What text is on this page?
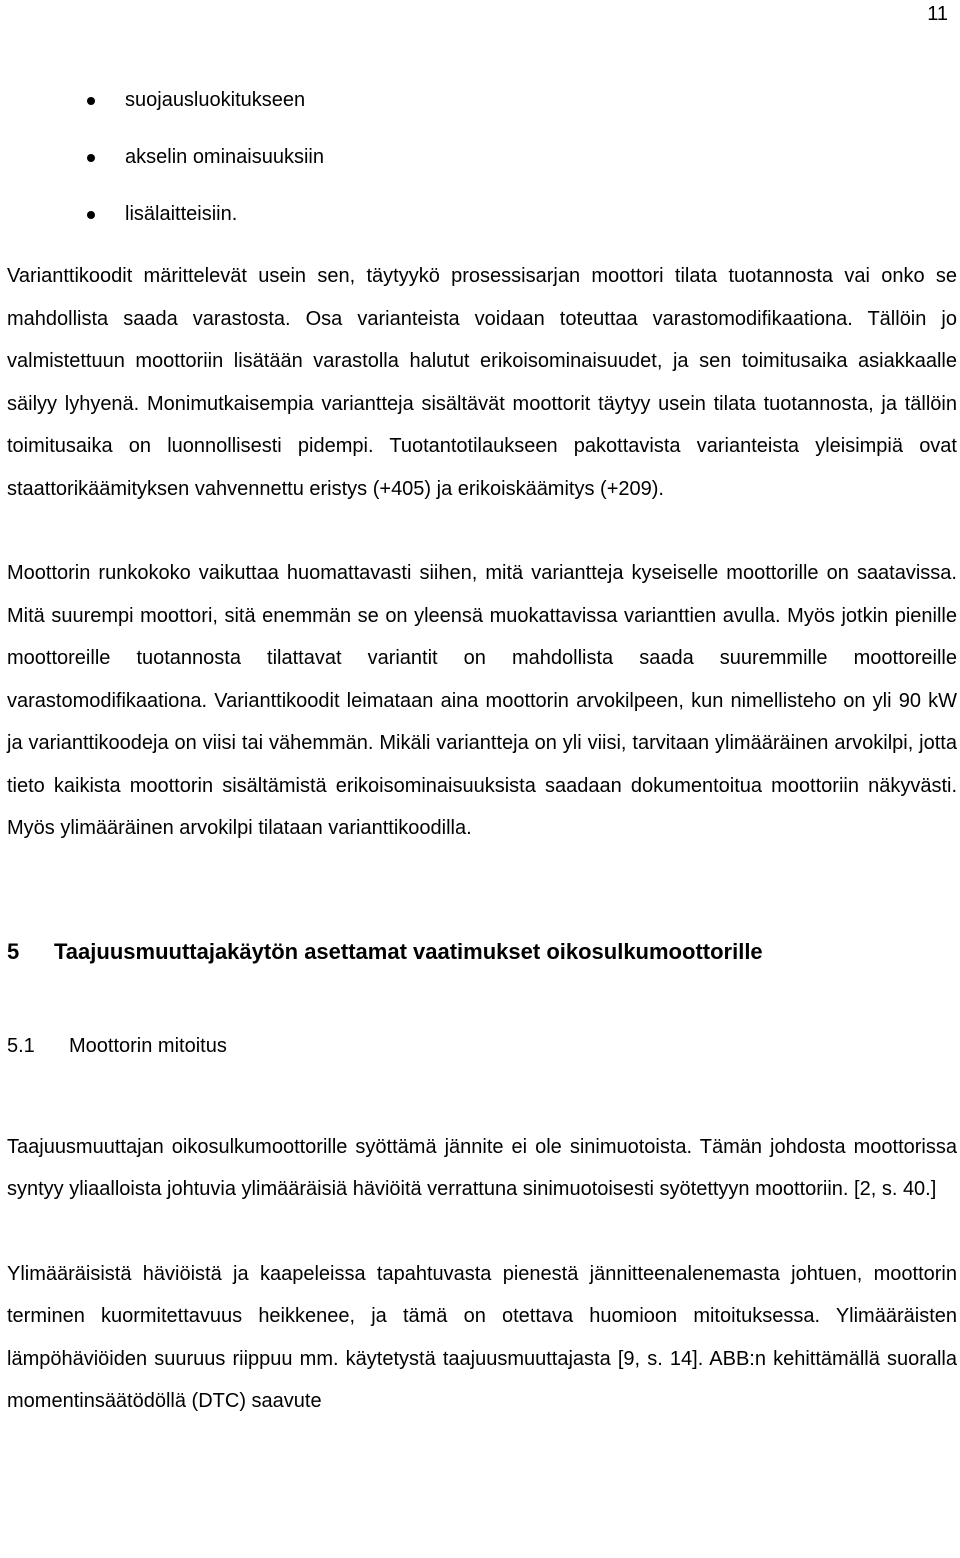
11
suojausluokitukseen
akselin ominaisuuksiin
lisälaitteisiin.

Varianttikoodit märittelevät usein sen, täytyykö prosessisarjan moottori tilata tuotannosta vai onko se mahdollista saada varastosta. Osa varianteista voidaan toteuttaa varastomodifikaationa. Tällöin jo valmistettuun moottoriin lisätään varastolla halutut erikoisominaisuudet, ja sen toimitusaika asiakkaalle säilyy lyhyenä. Monimutkaisempia variantteja sisältävät moottorit täytyy usein tilata tuotannosta, ja tällöin toimitusaika on luonnollisesti pidempi. Tuotantotilaukseen pakottavista varianteista yleisimpiä ovat staattorikäämityksen vahvennettu eristys (+405) ja erikoiskäämitys (+209).

Moottorin runkokoko vaikuttaa huomattavasti siihen, mitä variantteja kyseiselle moottorille on saatavissa. Mitä suurempi moottori, sitä enemmän se on yleensä muokattavissa varianttien avulla. Myös jotkin pienille moottoreille tuotannosta tilattavat variantit on mahdollista saada suuremmille moottoreille varastomodifikaationa. Varianttikoodit leimataan aina moottorin arvokilpeen, kun nimellisteho on yli 90 kW ja varianttikoodeja on viisi tai vähemmän. Mikäli variantteja on yli viisi, tarvitaan ylimääräinen arvokilpi, jotta tieto kaikista moottorin sisältämistä erikoisominaisuuksista saadaan dokumentoitua moottoriin näkyvästi. Myös ylimääräinen arvokilpi tilataan varianttikoodilla.

5 Taajuusmuuttajakäytön asettamat vaatimukset oikosulkumoottorille
5.1 Moottorin mitoitus

Taajuusmuuttajan oikosulkumoottorille syöttämä jännite ei ole sinimuotoista. Tämän johdosta moottorissa syntyy yliaalloista johtuvia ylimääräisiä häviöitä verrattuna sinimuotoisesti syötettyyn moottoriin. [2, s. 40.]

Ylimääräisistä häviöistä ja kaapeleissa tapahtuvasta pienestä jännitteenalenemasta johtuen, moottorin terminen kuormitettavuus heikkenee, ja tämä on otettava huomioon mitoituksessa. Ylimääräisten lämpöhäviöiden suuruus riippuu mm. käytetystä taajuusmuuttajasta [9, s. 14]. ABB:n kehittämällä suoralla momentinsäätödöllä (DTC) saavute
